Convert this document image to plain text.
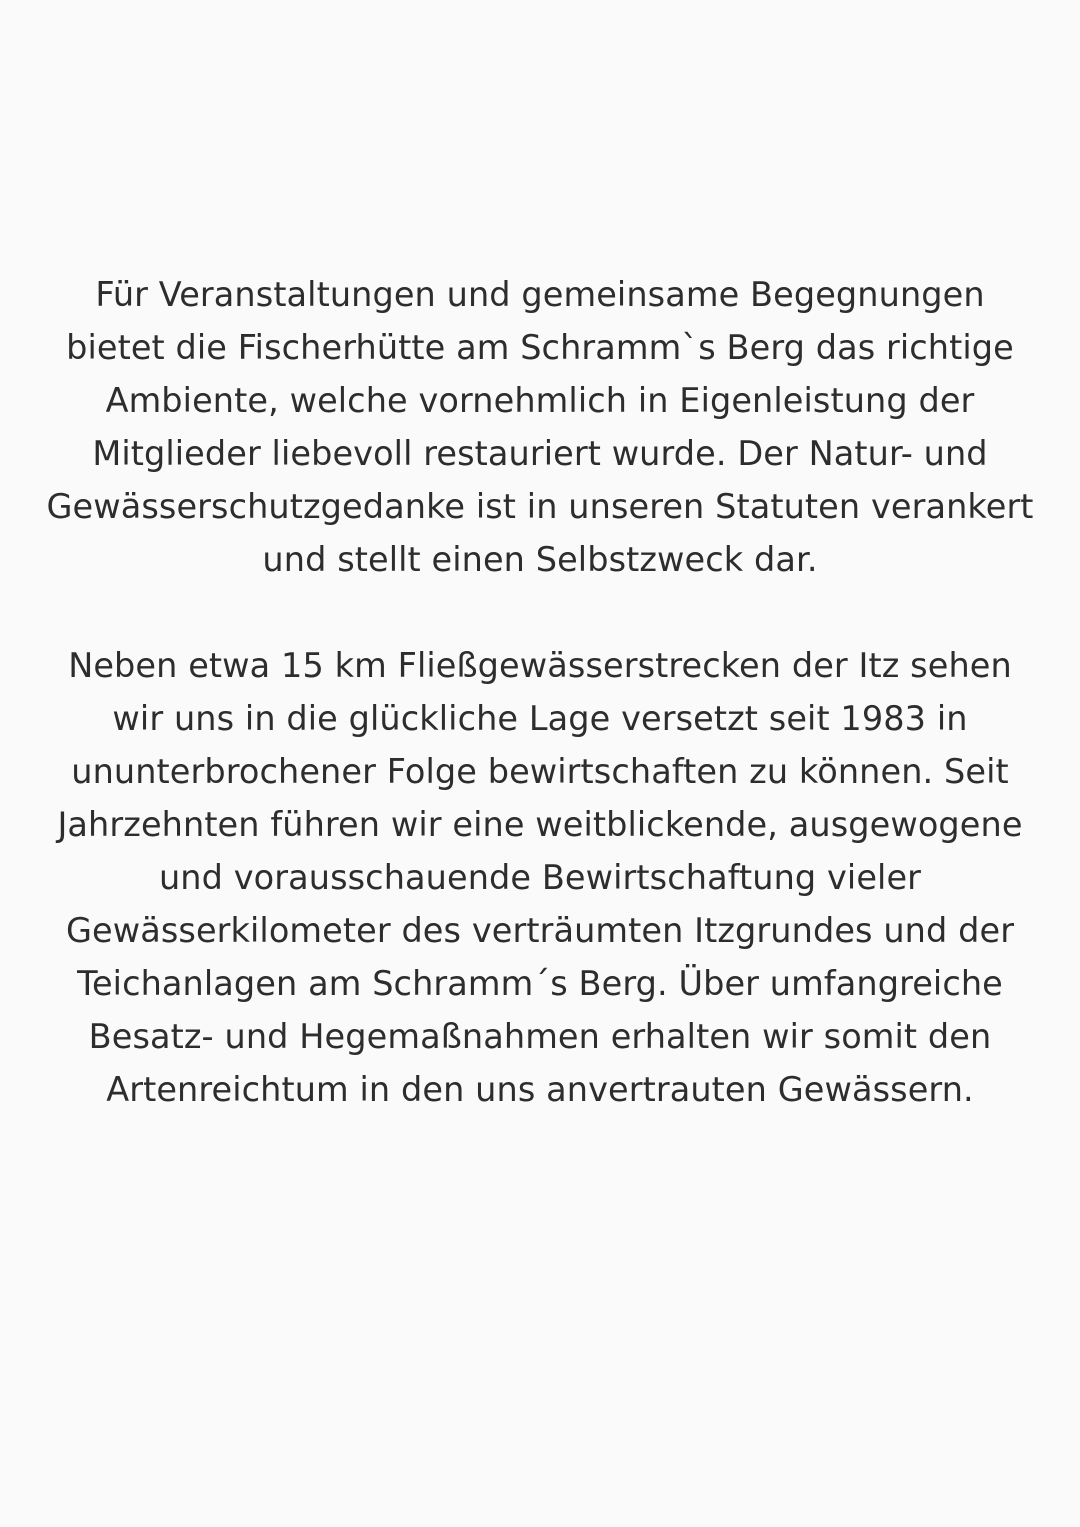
Für Veranstaltungen und gemeinsame Begegnungen bietet die Fischerhütte am Schramm`s Berg das richtige Ambiente, welche vornehmlich in Eigenleistung der Mitglieder liebevoll restauriert wurde. Der Natur- und Gewässerschutzgedanke ist in unseren Statuten verankert und stellt einen Selbstzweck dar.

Neben etwa 15 km Fließgewässerstrecken der Itz sehen wir uns in die glückliche Lage versetzt seit 1983 in ununterbrochener Folge bewirtschaften zu können. Seit Jahrzehnten führen wir eine weitblickende, ausgewogene und vorausschauende Bewirtschaftung vieler Gewässerkilometer des verträumten Itzgrundes und der Teichanlagen am Schramm´s Berg. Über umfangreiche Besatz- und Hegemaßnahmen erhalten wir somit den Artenreichtum in den uns anvertrauten Gewässern.
